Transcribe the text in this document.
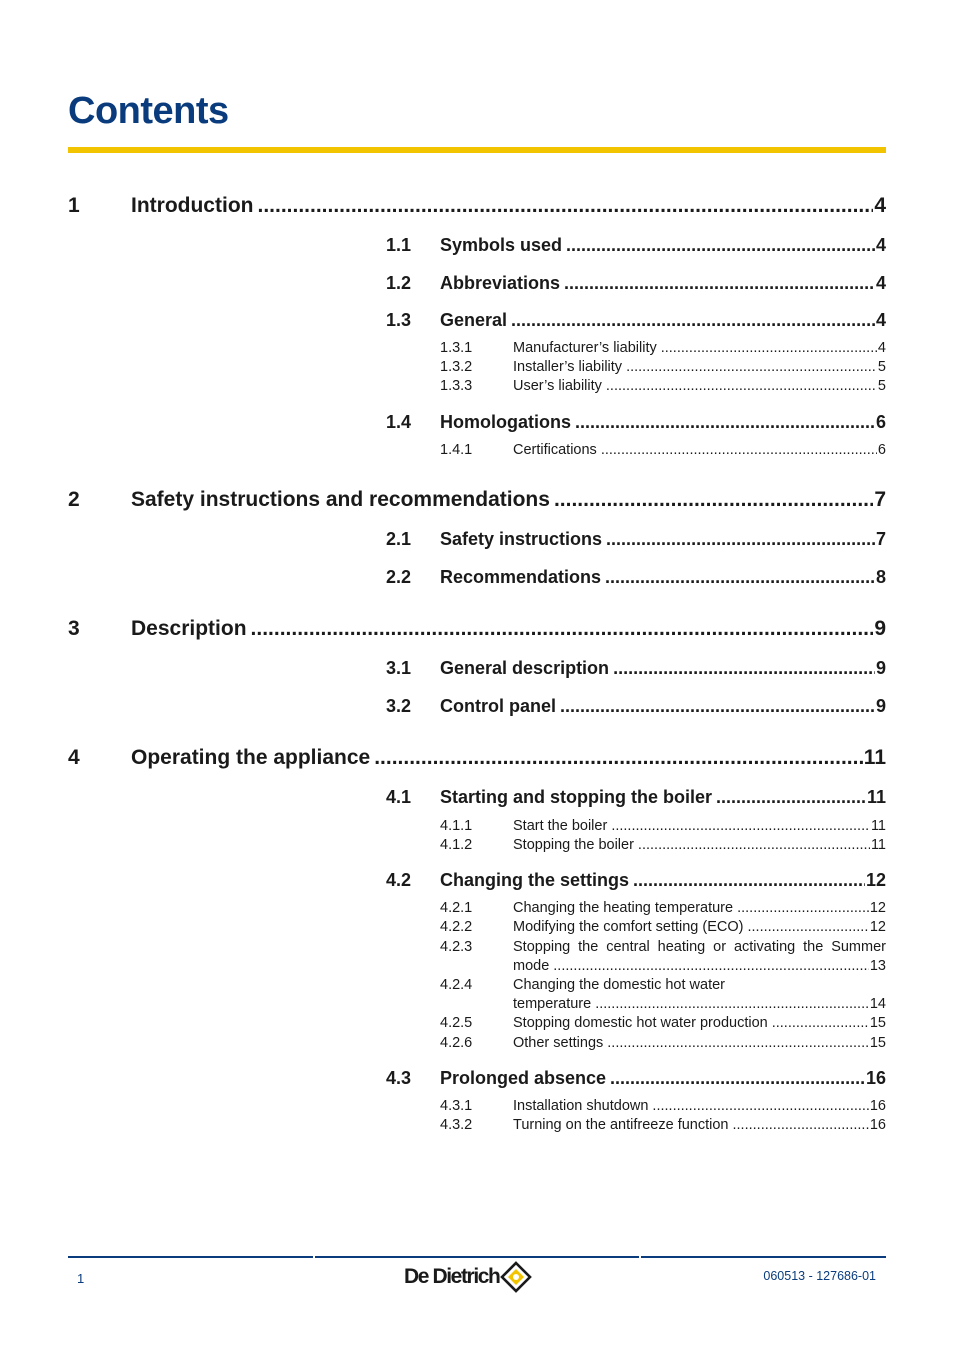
Contents
1	Introduction .....	4
1.1	Symbols used .....	4
1.2	Abbreviations .....	4
1.3	General .....	4
1.3.1	Manufacturer’s liability .....	4
1.3.2	Installer’s liability .....	5
1.3.3	User’s liability .....	5
1.4	Homologations .....	6
1.4.1	Certifications .....	6
2	Safety instructions and recommendations .....	7
2.1	Safety instructions .....	7
2.2	Recommendations .....	8
3	Description .....	9
3.1	General description .....	9
3.2	Control panel .....	9
4	Operating the appliance .....	11
4.1	Starting and stopping the boiler .....	11
4.1.1	Start the boiler .....	11
4.1.2	Stopping the boiler .....	11
4.2	Changing the settings .....	12
4.2.1	Changing the heating temperature .....	12
4.2.2	Modifying the comfort setting (ECO) .....	12
4.2.3	Stopping the central heating or activating the Summer
mode .....	13
4.2.4	Changing the domestic hot water
temperature .....	14
4.2.5	Stopping domestic hot water production .....	15
4.2.6	Other settings .....	15
4.3	Prolonged absence .....	16
4.3.1	Installation shutdown .....	16
4.3.2	Turning on the antifreeze function .....	16
1	De Dietrich	060513 - 127686-01
